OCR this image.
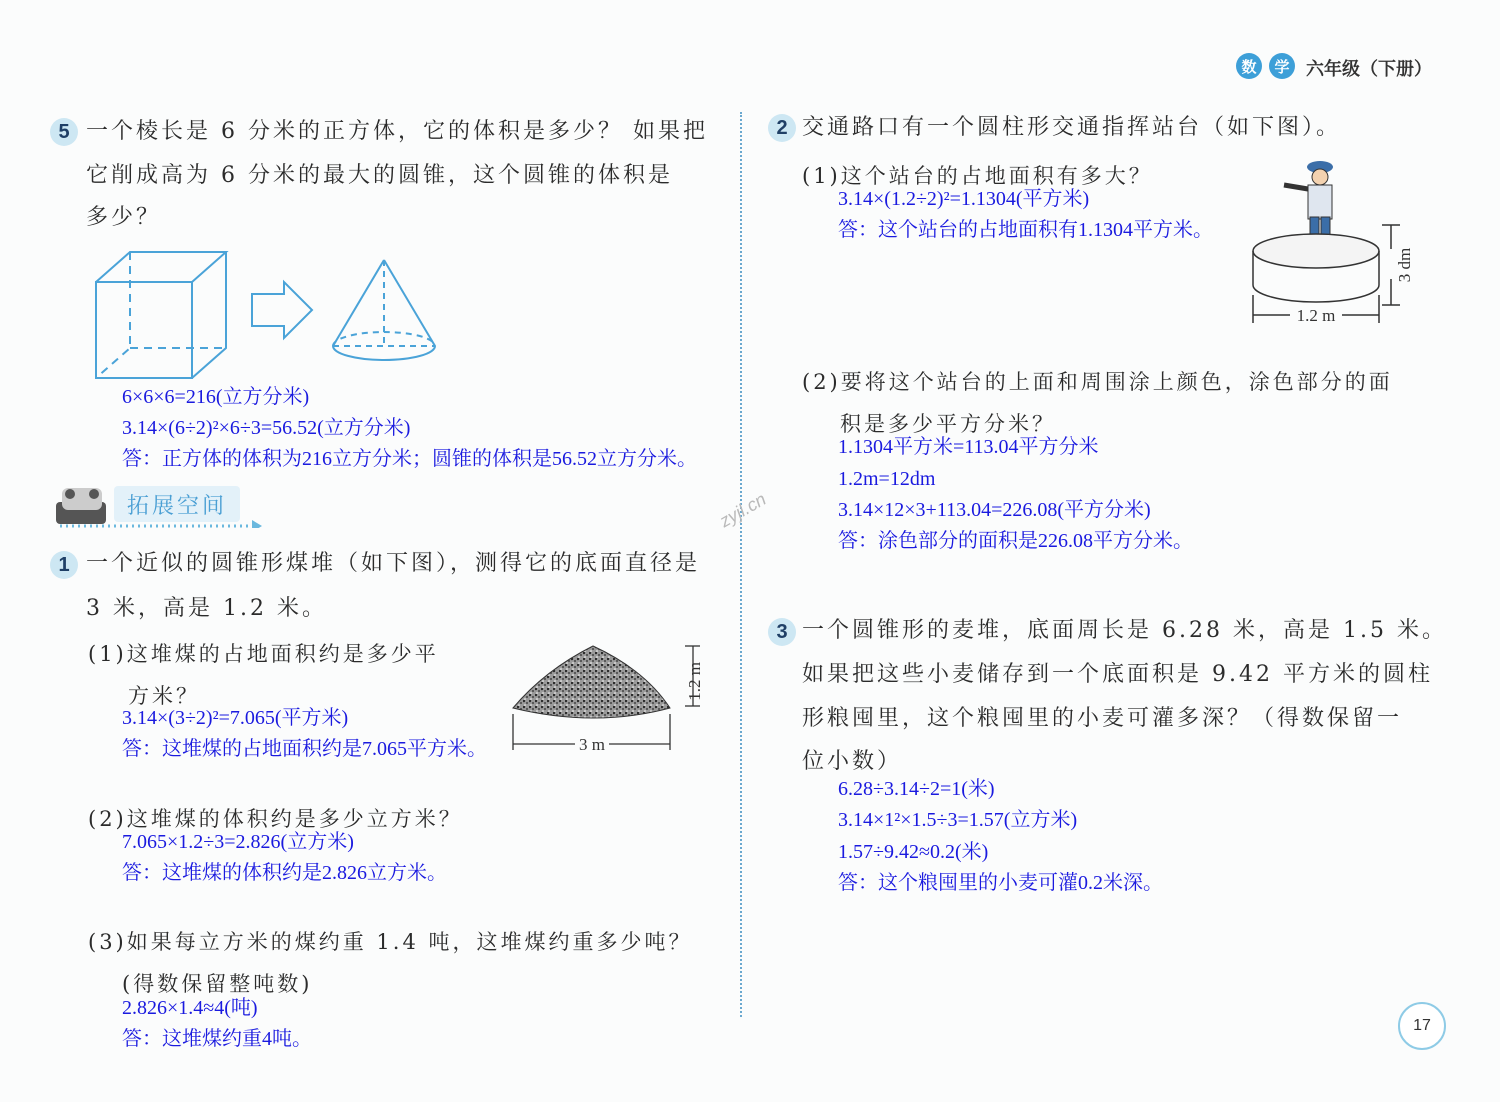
数	学 六年级（下册）
5 一个棱长是 6 分米的正方体，它的体积是多少？ 如果把
它削成高为 6 分米的最大的圆锥，这个圆锥的体积是
多少？
6×6×6=216(立方分米)
3.14×(6÷2)²×6÷3=56.52(立方分米)
答：正方体的体积为216立方分米；圆锥的体积是56.52立方分米。
拓展空间	zyjl.cn
1 一个近似的圆锥形煤堆（如下图），测得它的底面直径是
3 米，高是 1.2 米。
(1)这堆煤的占地面积约是多少平
方米？
3.14×(3÷2)²=7.065(平方米)
答：这堆煤的占地面积约是7.065平方米。
1.2 m
3 m
(2)这堆煤的体积约是多少立方米？
7.065×1.2÷3=2.826(立方米)
答：这堆煤的体积约是2.826立方米。
(3)如果每立方米的煤约重 1.4 吨，这堆煤约重多少吨？
(得数保留整吨数)
2.826×1.4≈4(吨)
答：这堆煤约重4吨。
2 交通路口有一个圆柱形交通指挥站台（如下图）。
(1)这个站台的占地面积有多大？
3.14×(1.2÷2)²=1.1304(平方米)
答：这个站台的占地面积有1.1304平方米。
1.2 m
3 dm
(2)要将这个站台的上面和周围涂上颜色，涂色部分的面
积是多少平方分米？
1.1304平方米=113.04平方分米
1.2m=12dm
3.14×12×3+113.04=226.08(平方分米)
答：涂色部分的面积是226.08平方分米。
3 一个圆锥形的麦堆，底面周长是 6.28 米，高是 1.5 米。
如果把这些小麦储存到一个底面积是 9.42 平方米的圆柱
形粮囤里，这个粮囤里的小麦可灌多深？（得数保留一
位小数）
6.28÷3.14÷2=1(米)
3.14×1²×1.5÷3=1.57(立方米)
1.57÷9.42≈0.2(米)
答：这个粮囤里的小麦可灌0.2米深。
17
